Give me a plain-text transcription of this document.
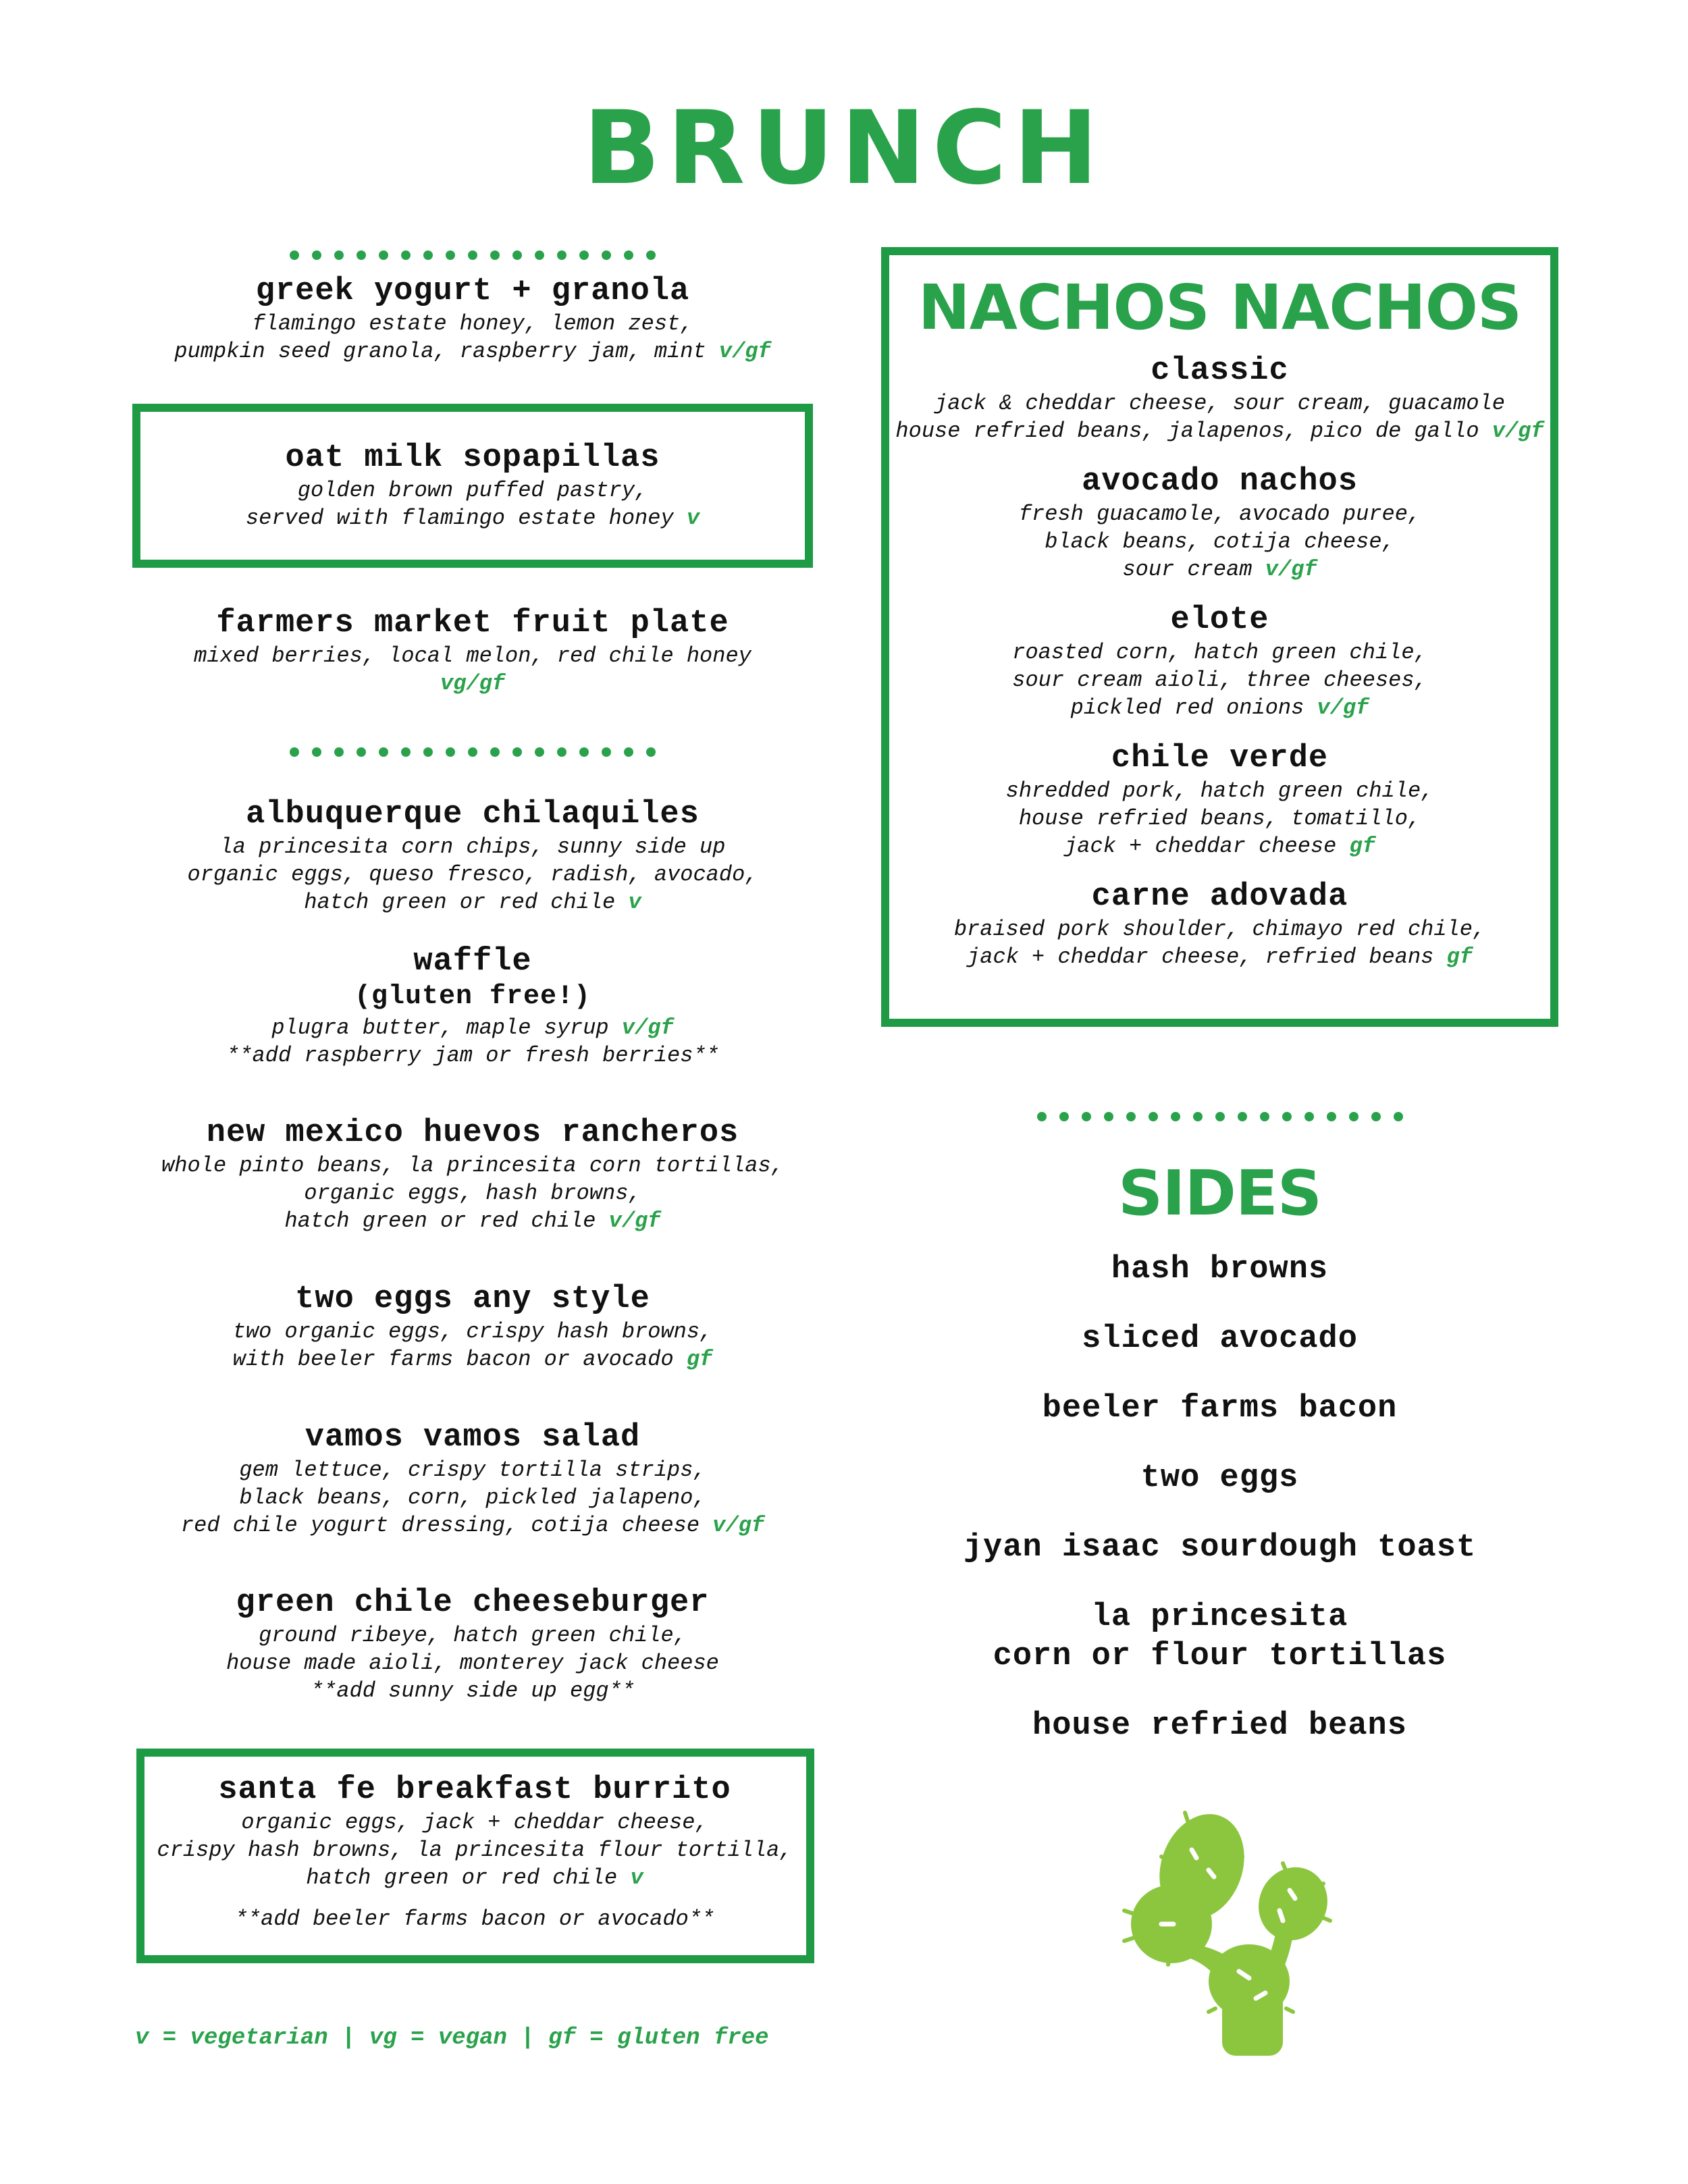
BRUNCH
greek yogurt + granola
flamingo estate honey, lemon zest,
pumpkin seed granola, raspberry jam, mint v/gf
oat milk sopapillas
golden brown puffed pastry,
served with flamingo estate honey v
farmers market fruit plate
mixed berries, local melon, red chile honey
vg/gf
albuquerque chilaquiles
la princesita corn chips, sunny side up
organic eggs, queso fresco, radish, avocado,
hatch green or red chile v
waffle
(gluten free!)
plugra butter, maple syrup v/gf
**add raspberry jam or fresh berries**
new mexico huevos rancheros
whole pinto beans, la princesita corn tortillas,
organic eggs, hash browns,
hatch green or red chile v/gf
two eggs any style
two organic eggs, crispy hash browns,
with beeler farms bacon or avocado gf
vamos vamos salad
gem lettuce, crispy tortilla strips,
black beans, corn, pickled jalapeno,
red chile yogurt dressing, cotija cheese v/gf
green chile cheeseburger
ground ribeye, hatch green chile,
house made aioli, monterey jack cheese
**add sunny side up egg**
santa fe breakfast burrito
organic eggs, jack + cheddar cheese,
crispy hash browns, la princesita flour tortilla,
hatch green or red chile v
**add beeler farms bacon or avocado**
v = vegetarian | vg = vegan | gf = gluten free
NACHOS NACHOS
classic
jack & cheddar cheese, sour cream, guacamole
house refried beans, jalapenos, pico de gallo v/gf
avocado nachos
fresh guacamole, avocado puree,
black beans, cotija cheese,
sour cream v/gf
elote
roasted corn, hatch green chile,
sour cream aioli, three cheeses,
pickled red onions v/gf
chile verde
shredded pork, hatch green chile,
house refried beans, tomatillo,
jack + cheddar cheese gf
carne adovada
braised pork shoulder, chimayo red chile,
jack + cheddar cheese, refried beans gf
SIDES
hash browns
sliced avocado
beeler farms bacon
two eggs
jyan isaac sourdough toast
la princesita
corn or flour tortillas
house refried beans
